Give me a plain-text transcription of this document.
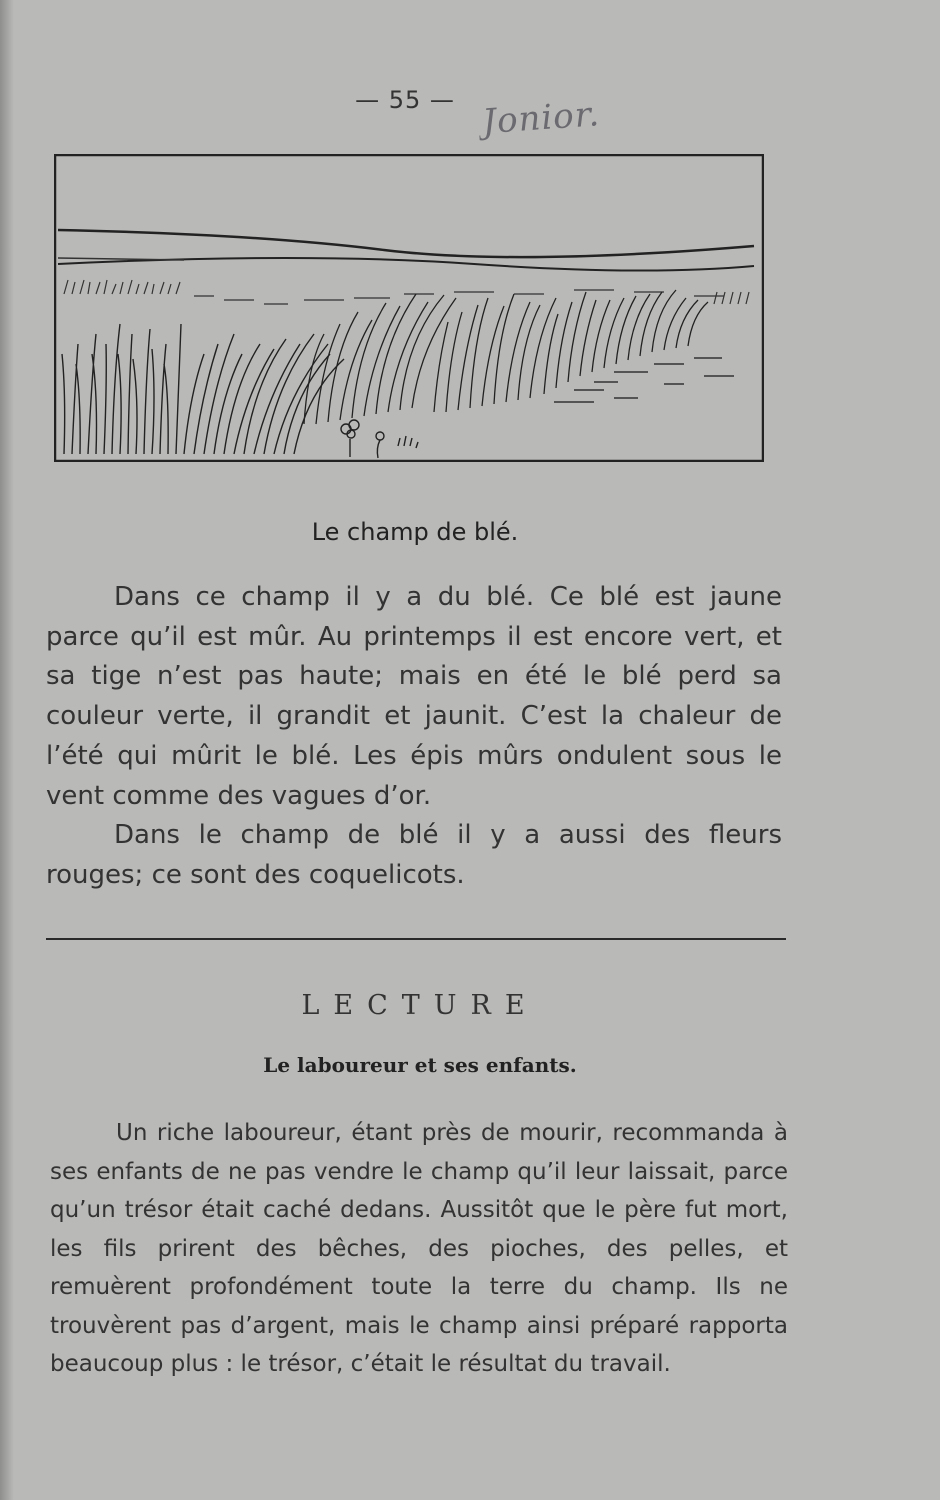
— 55 — Jonior.
Le champ de blé.

Dans ce champ il y a du blé. Ce blé est jaune parce qu’il est mûr. Au printemps il est encore vert, et sa tige n’est pas haute; mais en été le blé perd sa couleur verte, il grandit et jaunit. C’est la chaleur de l’été qui mûrit le blé. Les épis mûrs ondulent sous le vent comme des vagues d’or.

Dans le champ de blé il y a aussi des fleurs rouges; ce sont des coquelicots.

LECTURE
Le laboureur et ses enfants.

Un riche laboureur, étant près de mourir, recommanda à ses enfants de ne pas vendre le champ qu’il leur laissait, parce qu’un trésor était caché dedans. Aussitôt que le père fut mort, les fils prirent des bêches, des pioches, des pelles, et remuèrent profondément toute la terre du champ. Ils ne trouvèrent pas d’argent, mais le champ ainsi préparé rapporta beaucoup plus : le trésor, c’était le résultat du travail.
